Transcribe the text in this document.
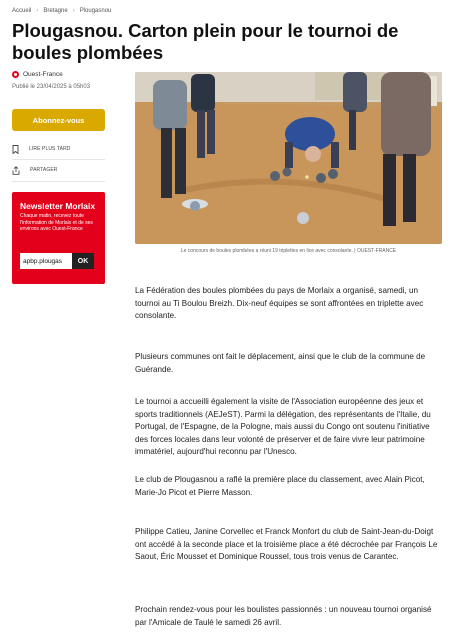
Accueil › Bretagne › Plougasnou
Plougasnou. Carton plein pour le tournoi de boules plombées
Ouest-France
Publié le 23/04/2025 à 05h03
Abonnez-vous
LIRE PLUS TARD
PARTAGER
Newsletter Morlaix
Chaque matin, recevez toute l'information de Morlaix et de ses environs avec Ouest-France
apbp.plougas	OK
Le concours de boules plombées a réuni 19 triplettes en lice avec consolante. | OUEST-FRANCE

La Fédération des boules plombées du pays de Morlaix a organisé, samedi, un tournoi au Ti Boulou Breizh. Dix-neuf équipes se sont affrontées en triplette avec consolante.

Plusieurs communes ont fait le déplacement, ainsi que le club de la commune de Guérande.

Le tournoi a accueilli également la visite de l'Association européenne des jeux et sports traditionnels (AEJeST). Parmi la délégation, des représentants de l'Italie, du Portugal, de l'Espagne, de la Pologne, mais aussi du Congo ont soutenu l'initiative des forces locales dans leur volonté de préserver et de faire vivre leur patrimoine immatériel, aujourd'hui reconnu par l'Unesco.

Le club de Plougasnou a raflé la première place du classement, avec Alain Picot, Marie-Jo Picot et Pierre Masson.

Philippe Catieu, Janine Corvellec et Franck Monfort du club de Saint-Jean-du-Doigt ont accédé à la seconde place et la troisième place a été décrochée par François Le Saout, Éric Mousset et Dominique Roussel, tous trois venus de Carantec.

Prochain rendez-vous pour les boulistes passionnés : un nouveau tournoi organisé par l'Amicale de Taulé le samedi 26 avril.
